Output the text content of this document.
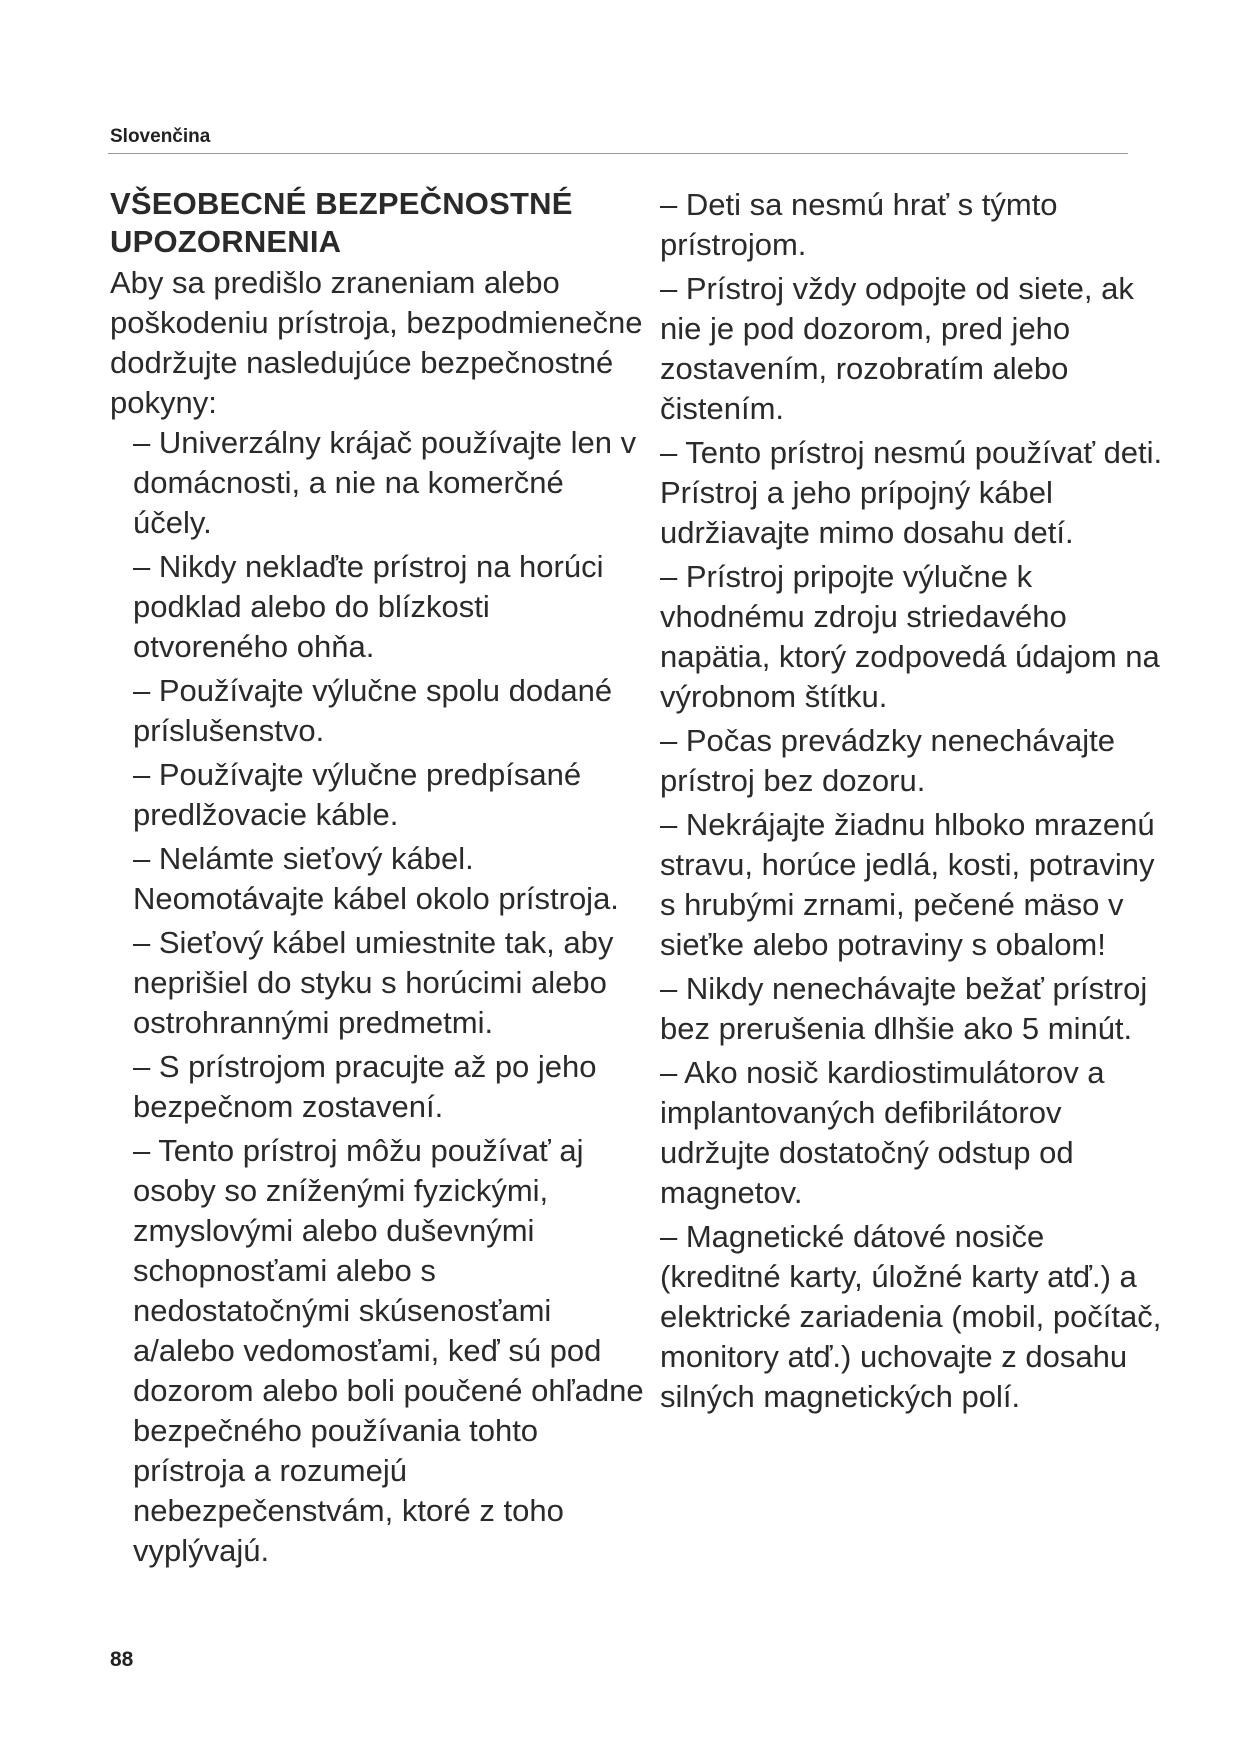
Slovenčina
VŠEOBECNÉ BEZPEČNOSTNÉ UPOZORNENIA

Aby sa predišlo zraneniam alebo poškodeniu prístroja, bezpodmienečne dodržujte nasledujúce bezpečnostné pokyny:

– Univerzálny krájač používajte len v domácnosti, a nie na komerčné účely.
– Nikdy neklaďte prístroj na horúci podklad alebo do blízkosti otvoreného ohňa.
– Používajte výlučne spolu dodané príslušenstvo.
– Používajte výlučne predpísané predlžovacie káble.
– Nelámte sieťový kábel. Neomotávajte kábel okolo prístroja.
– Sieťový kábel umiestnite tak, aby neprišiel do styku s horúcimi alebo ostrohrannými predmetmi.
– S prístrojom pracujte až po jeho bezpečnom zostavení.
– Tento prístroj môžu používať aj osoby so zníženými fyzickými, zmyslovými alebo duševnými schopnosťami alebo s nedostatočnými skúsenosťami a/alebo vedomosťami, keď sú pod dozorom alebo boli poučené ohľadne bezpečného používania tohto prístroja a rozumejú nebezpečenstvám, ktoré z toho vyplývajú.
– Deti sa nesmú hrať s týmto prístrojom.
– Prístroj vždy odpojte od siete, ak nie je pod dozorom, pred jeho zostavením, rozobratím alebo čistením.
– Tento prístroj nesmú používať deti. Prístroj a jeho prípojný kábel udržiavajte mimo dosahu detí.
– Prístroj pripojte výlučne k vhodnému zdroju striedavého napätia, ktorý zodpovedá údajom na výrobnom štítku.
– Počas prevádzky nenechávajte prístroj bez dozoru.
– Nekrájajte žiadnu hlboko mrazenú stravu, horúce jedlá, kosti, potraviny s hrubými zrnami, pečené mäso v sieťke alebo potraviny s obalom!
– Nikdy nenechávajte bežať prístroj bez prerušenia dlhšie ako 5 minút.
– Ako nosič kardiostimulátorov a implantovaných defibrilátorov udržujte dostatočný odstup od magnetov.
– Magnetické dátové nosiče (kreditné karty, úložné karty atď.) a elektrické zariadenia (mobil, počítač, monitory atď.) uchovajte z dosahu silných magnetických polí.
88
